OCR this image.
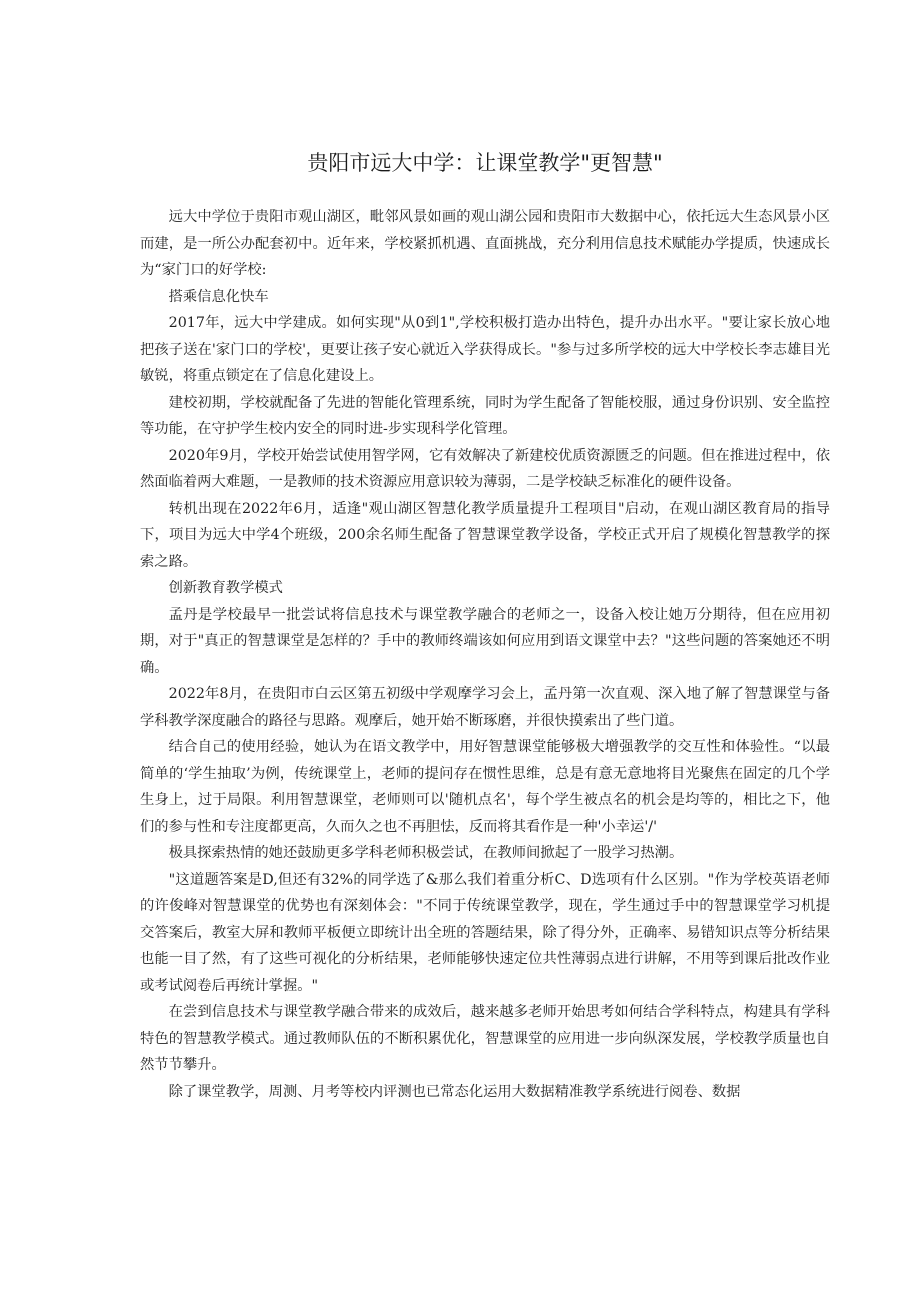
贵阳市远大中学：让课堂教学"更智慧"

远大中学位于贵阳市观山湖区，毗邻风景如画的观山湖公园和贵阳市大数据中心，依托远大生态风景小区而建，是一所公办配套初中。近年来，学校紧抓机遇、直面挑战，充分利用信息技术赋能办学提质，快速成长为“家门口的好学校:

搭乘信息化快车

2017年，远大中学建成。如何实现"从0到1",学校积极打造办出特色，提升办出水平。"要让家长放心地把孩子送在'家门口的学校'，更要让孩子安心就近入学获得成长。"参与过多所学校的远大中学校长李志雄目光敏锐，将重点锁定在了信息化建设上。

建校初期，学校就配备了先进的智能化管理系统，同时为学生配备了智能校服，通过身份识别、安全监控等功能，在守护学生校内安全的同时进-步实现科学化管理。

2020年9月，学校开始尝试使用智学网，它有效解决了新建校优质资源匮乏的问题。但在推进过程中，依然面临着两大难题，一是教师的技术资源应用意识较为薄弱，二是学校缺乏标准化的硬件设备。

转机出现在2022年6月，适逢"观山湖区智慧化教学质量提升工程项目"启动，在观山湖区教育局的指导下，项目为远大中学4个班级，200余名师生配备了智慧课堂教学设备，学校正式开启了规模化智慧教学的探索之路。

创新教育教学模式

孟丹是学校最早一批尝试将信息技术与课堂教学融合的老师之一，设备入校让她万分期待，但在应用初期，对于"真正的智慧课堂是怎样的？手中的教师终端该如何应用到语文课堂中去？"这些问题的答案她还不明确。

2022年8月，在贵阳市白云区第五初级中学观摩学习会上，孟丹第一次直观、深入地了解了智慧课堂与备学科教学深度融合的路径与思路。观摩后，她开始不断琢磨，并很快摸索出了些门道。

结合自己的使用经验，她认为在语文教学中，用好智慧课堂能够极大增强教学的交互性和体验性。“以最简单的‘学生抽取’为例，传统课堂上，老师的提问存在惯性思维，总是有意无意地将目光聚焦在固定的几个学生身上，过于局限。利用智慧课堂，老师则可以'随机点名'，每个学生被点名的机会是均等的，相比之下，他们的参与性和专注度都更高，久而久之也不再胆怯，反而将其看作是一种'小幸运'/'

极具探索热情的她还鼓励更多学科老师积极尝试，在教师间掀起了一股学习热潮。

"这道题答案是D,但还有32%的同学选了&那么我们着重分析C、D选项有什么区别。"作为学校英语老师的许俊峰对智慧课堂的优势也有深刻体会："不同于传统课堂教学，现在，学生通过手中的智慧课堂学习机提交答案后，教室大屏和教师平板便立即统计出全班的答题结果，除了得分外，正确率、易错知识点等分析结果也能一目了然，有了这些可视化的分析结果，老师能够快速定位共性薄弱点进行讲解，不用等到课后批改作业或考试阅卷后再统计掌握。"

在尝到信息技术与课堂教学融合带来的成效后，越来越多老师开始思考如何结合学科特点，构建具有学科特色的智慧教学模式。通过教师队伍的不断积累优化，智慧课堂的应用进一步向纵深发展，学校教学质量也自然节节攀升。

除了课堂教学，周测、月考等校内评测也已常态化运用大数据精准教学系统进行阅卷、数据
